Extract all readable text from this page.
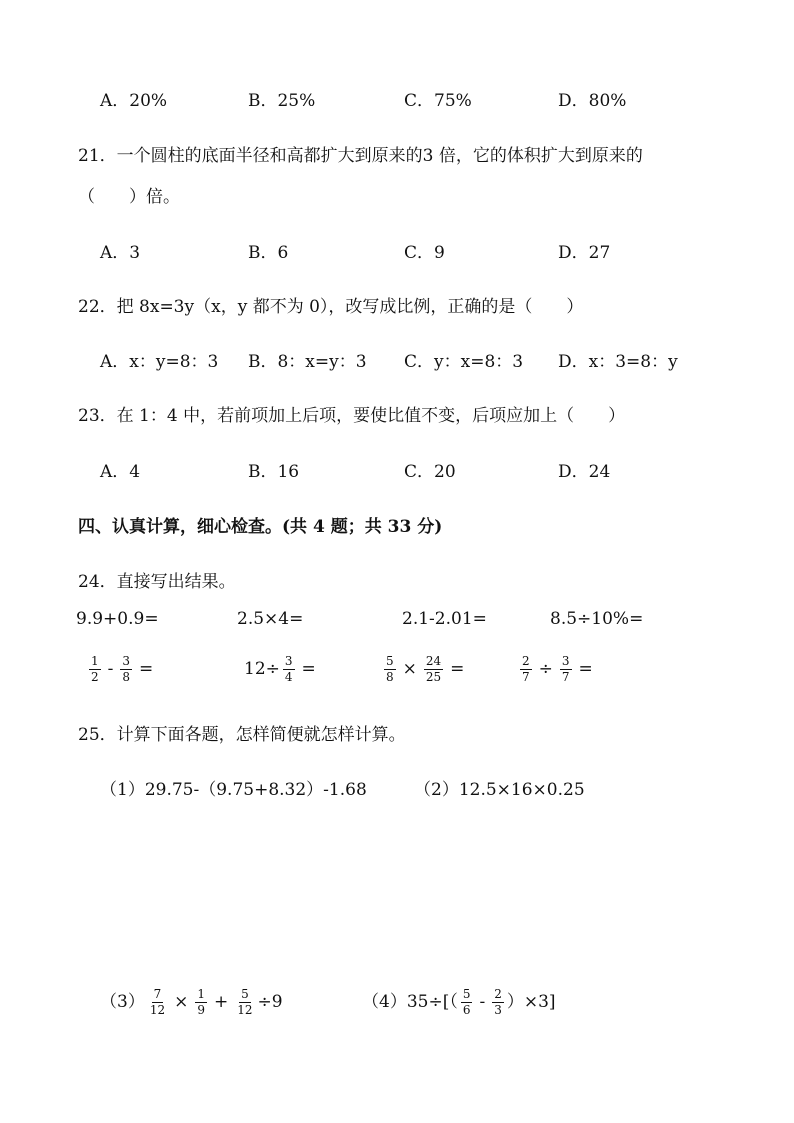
A．20%	B．25%	C．75%	D．80%
21．一个圆柱的底面半径和高都扩大到原来的3 倍，它的体积扩大到原来的
（　　）倍。
A．3	B．6	C．9	D．27
22．把 8x=3y（x，y 都不为 0），改写成比例，正确的是（　　）
A．x：y=8：3 B．8：x=y：3 C．y：x=8：3 D．x：3=8：y
23．在 1：4 中，若前项加上后项，要使比值不变，后项应加上（　　）
A．4	B．16	C．20	D．24
四、认真计算，细心检查。(共 4 题；共 33 分)
24．直接写出结果。
9.9+0.9=	2.5×4=	2.1-2.01=	8.5÷10%=
$\frac{1}{2} - \frac{3}{8}$ =	$12\div \frac{3}{4}$ =	$\frac{5}{8} \times \frac{24}{25}$ =	$\frac{2}{7} \div \frac{3}{7}$ =
25．计算下面各题，怎样简便就怎样计算。
（1）29.75-（9.75+8.32）-1.68	（2）12.5×16×0.25
$(3) \frac{7}{12} \times \frac{1}{9} + \frac{5}{12} \div 9$	$(4)35\div[( \frac{5}{6} - \frac{2}{3} )\times 3]$
